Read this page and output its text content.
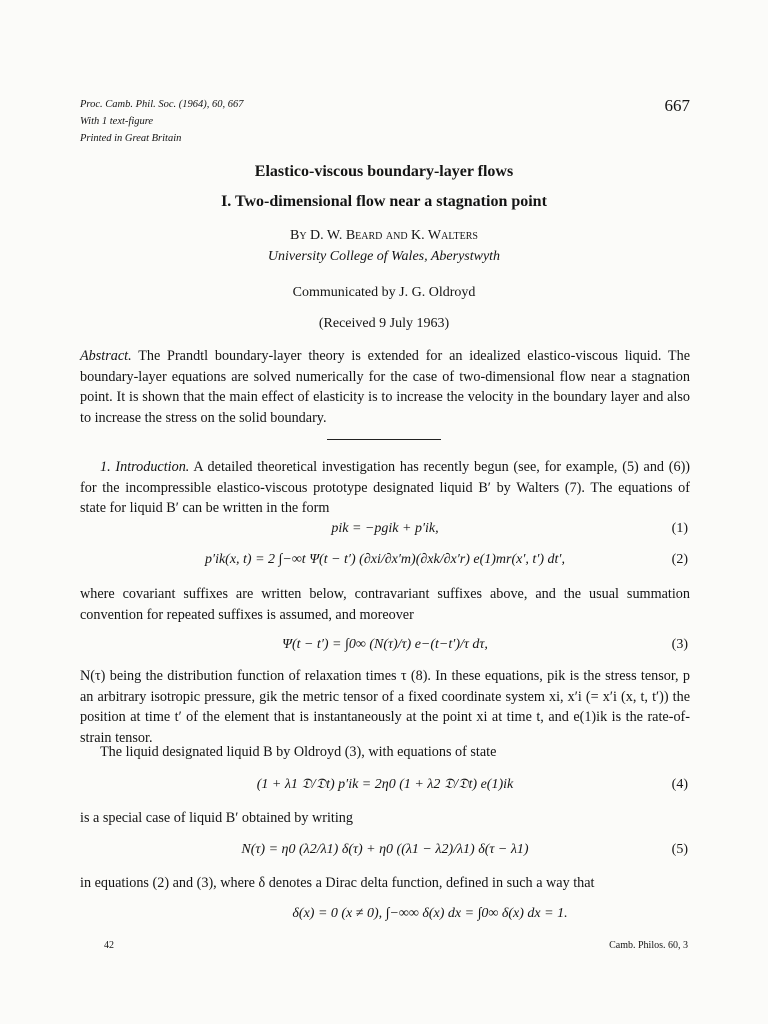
Proc. Camb. Phil. Soc. (1964), 60, 667
With 1 text-figure
Printed in Great Britain
667
Elastico-viscous boundary-layer flows
I. Two-dimensional flow near a stagnation point
By D. W. Beard and K. Walters
University College of Wales, Aberystwyth
Communicated by J. G. Oldroyd
(Received 9 July 1963)
Abstract. The Prandtl boundary-layer theory is extended for an idealized elastico-viscous liquid. The boundary-layer equations are solved numerically for the case of two-dimensional flow near a stagnation point. It is shown that the main effect of elasticity is to increase the velocity in the boundary layer and also to increase the stress on the solid boundary.
1. Introduction. A detailed theoretical investigation has recently begun (see, for example, (5) and (6)) for the incompressible elastico-viscous prototype designated liquid B′ by Walters (7). The equations of state for liquid B′ can be written in the form
pik = −pgik + p′ik,	(1)
p′ik(x, t) = 2 ∫−∞t Ψ(t − t′) (∂xi/∂x′m)(∂xk/∂x′r) e(1)mr(x′, t′) dt′,	(2)
where covariant suffixes are written below, contravariant suffixes above, and the usual summation convention for repeated suffixes is assumed, and moreover
Ψ(t − t′) = ∫0∞ (N(τ)/τ) e−(t−t′)/τ dτ,	(3)
N(τ) being the distribution function of relaxation times τ (8). In these equations, pik is the stress tensor, p an arbitrary isotropic pressure, gik the metric tensor of a fixed coordinate system xi, x′i (= x′i (x, t, t′)) the position at time t′ of the element that is instantaneously at the point xi at time t, and e(1)ik is the rate-of-strain tensor.
The liquid designated liquid B by Oldroyd (3), with equations of state
(1 + λ1 𝔇/𝔇t) p′ik = 2η0 (1 + λ2 𝔇/𝔇t) e(1)ik	(4)
is a special case of liquid B′ obtained by writing
N(τ) = η0 (λ2/λ1) δ(τ) + η0 ((λ1 − λ2)/λ1) δ(τ − λ1)	(5)
in equations (2) and (3), where δ denotes a Dirac delta function, defined in such a way that
δ(x) = 0 (x ≠ 0), ∫−∞∞ δ(x) dx = ∫0∞ δ(x) dx = 1.
42	Camb. Philos. 60, 3
